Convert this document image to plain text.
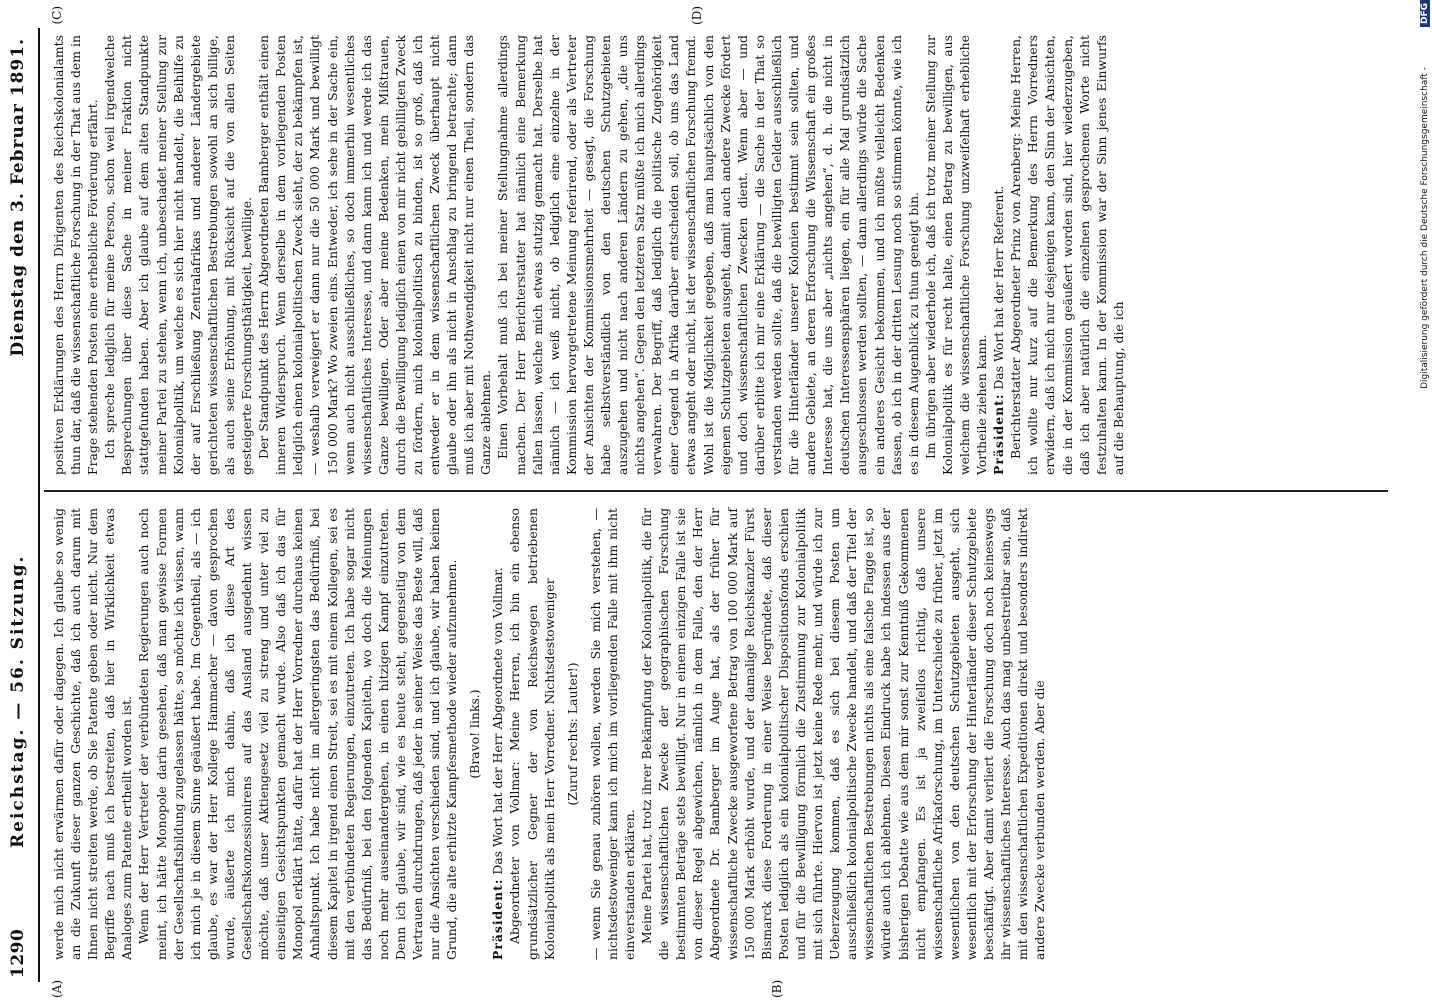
1290
Reichstag. — 56. Sitzung.
Dienstag den 3. Februar 1891.
(A)	(B)
(C)	(D)

werde mich nicht erwärmen dafür oder dagegen. Ich glaube so wenig an die Zukunft dieser ganzen Geschichte, daß ich auch darum mit Ihnen nicht streiten werde, ob Sie Patente geben oder nicht. Nur dem Begriffe nach muß ich bestreiten, daß hier in Wirklichkeit etwas Analoges zum Patente ertheilt worden ist. Wenn der Herr Vertreter der verbündeten Regierungen auch noch meint, ich hätte Monopole darin gesehen, daß man gewisse Formen der Gesellschaftsbildung zugelassen hätte, so möchte ich wissen, wann ich mich je in diesem Sinne geäußert habe. Im Gegentheil, als — ich glaube, es war der Herr Kollege Hammacher — davon gesprochen wurde, äußerte ich mich dahin, daß ich diese Art des Gesellschaftskonzessionirens auf das Ausland ausgedehnt wissen möchte, daß unser Aktiengesetz viel zu streng und unter viel zu einseitigen Gesichtspunkten gemacht wurde. Also daß ich das für Monopol erklärt hätte, dafür hat der Herr Vorredner durchaus keinen Anhaltspunkt. Ich habe nicht im allergeringsten das Bedürfniß, bei diesem Kapitel in irgend einen Streit, sei es mit einem Kollegen, sei es mit den verbündeten Regierungen, einzutreten. Ich habe sogar nicht das Bedürfniß, bei den folgenden Kapiteln, wo doch die Meinungen noch mehr auseinandergehen, in einen hitzigen Kampf einzutreten. Denn ich glaube, wir sind, wie es heute steht, gegenseitig von dem Vertrauen durchdrungen, daß jeder in seiner Weise das Beste will, daß nur die Ansichten verschieden sind, und ich glaube, wir haben keinen Grund, die alte erhitzte Kampfesmethode wieder aufzunehmen. (Bravo! links.)

Präsident: Das Wort hat der Herr Abgeordnete von Vollmar. Abgeordneter von Vollmar: Meine Herren, ich bin ein ebenso grundsätzlicher Gegner der von Reichswegen betriebenen Kolonialpolitik als mein Herr Vorredner. Nichtsdestoweniger (Zuruf rechts: Lauter!) — wenn Sie genau zuhören wollen, werden Sie mich verstehen, — nichtsdestoweniger kann ich mich im vorliegenden Falle mit ihm nicht einverstanden erklären. Meine Partei hat, trotz ihrer Bekämpfung der Kolonialpolitik, die für die wissenschaftlichen Zwecke der geographischen Forschung bestimmten Beträge stets bewilligt. Nur in einem einzigen Falle ist sie von dieser Regel abgewichen, nämlich in dem Falle, den der Herr Abgeordnete Dr. Bamberger im Auge hat, als der früher für wissenschaftliche Zwecke ausgeworfene Betrag von 100 000 Mark auf 150 000 Mark erhöht wurde, und der damalige Reichskanzler Fürst Bismarck diese Forderung in einer Weise begründete, daß dieser Posten lediglich als ein kolonialpolitischer Dispositionsfonds erschien und für die Bewilligung förmlich die Zustimmung zur Kolonialpolitik mit sich führte. Hiervon ist jetzt keine Rede mehr, und würde ich zur Ueberzeugung kommen, daß es sich bei diesem Posten um ausschließlich kolonialpolitische Zwecke handelt, und daß der Titel der wissenschaftlichen Bestrebungen nichts als eine falsche Flagge ist, so würde auch ich ablehnen. Diesen Eindruck habe ich indessen aus der bisherigen Debatte wie aus dem mir sonst zur Kenntniß Gekommenen nicht empfangen. Es ist ja zweifellos richtig, daß unsere wissenschaftliche Afrikaforschung, im Unterschiede zu früher, jetzt im wesentlichen von den deutschen Schutzgebieten ausgeht, sich wesentlich mit der Erforschung der Hinterländer dieser Schutzgebiete beschäftigt. Aber damit verliert die Forschung doch noch keineswegs ihr wissenschaftliches Interesse. Auch das mag unbestreitbar sein, daß mit den wissenschaftlichen Expeditionen direkt und besonders indirekt andere Zwecke verbunden werden. Aber die

positiven Erklärungen des Herrn Dirigenten des Reichskolonialamts thun dar, daß die wissenschaftliche Forschung in der That aus dem in Frage stehenden Posten eine erhebliche Förderung erfährt. Ich spreche lediglich für meine Person, schon weil irgendwelche Besprechungen über diese Sache in meiner Fraktion nicht stattgefunden haben. Aber ich glaube auf dem alten Standpunkte meiner Partei zu stehen, wenn ich, unbeschadet meiner Stellung zur Kolonialpolitik, um welche es sich hier nicht handelt, die Beihilfe zu der auf Erschließung Zentralafrikas und anderer Ländergebiete gerichteten wissenschaftlichen Bestrebungen sowohl an sich billige, als auch seine Erhöhung, mit Rücksicht auf die von allen Seiten gesteigerte Forschungsthätigkeit, bewillige. Der Standpunkt des Herrn Abgeordneten Bamberger enthält einen inneren Widerspruch. Wenn derselbe in dem vorliegenden Posten lediglich einen kolonialpolitischen Zweck sieht, der zu bekämpfen ist, — weshalb verweigert er dann nur die 50 000 Mark und bewilligt 150 000 Mark? Wo zweien eins. Entweder, ich sehe in der Sache ein, wenn auch nicht ausschließliches, so doch immerhin wesentliches wissenschaftliches Interesse, und dann kann ich und werde ich das Ganze bewilligen. Oder aber meine Bedenken, mein Mißtrauen, durch die Bewilligung lediglich einen von mir nicht gebilligten Zweck zu fördern, mich kolonialpolitisch zu binden, ist so groß, daß ich entweder er in dem wissenschaftlichen Zweck überhaupt nicht glaube oder ihn als nicht in Anschlag zu bringend betrachte; dann muß ich aber mit Nothwendigkeit nicht nur einen Theil, sondern das Ganze ablehnen. Einen Vorbehalt muß ich bei meiner Stellungnahme allerdings machen. Der Herr Berichterstatter hat nämlich eine Bemerkung fallen lassen, welche mich etwas stutzig gemacht hat. Derselbe hat nämlich — ich weiß nicht, ob lediglich eine einzelne in der Kommission hervorgetretene Meinung referirend, oder als Vertreter der Ansichten der Kommissionsmehrheit — gesagt, die Forschung habe selbstverständlich von den deutschen Schutzgebieten auszugehen und nicht nach anderen Ländern zu gehen, „die uns nichts angehen“. Gegen den letzteren Satz müßte ich mich allerdings verwahren. Der Begriff, daß lediglich die politische Zugehörigkeit einer Gegend in Afrika darüber entscheiden soll, ob uns das Land etwas angeht oder nicht, ist der wissenschaftlichen Forschung fremd. Wohl ist die Möglichkeit gegeben, daß man hauptsächlich von den eigenen Schutzgebieten ausgeht, damit auch andere Zwecke fördert und doch wissenschaftlichen Zwecken dient. Wenn aber — und darüber erbitte ich mir eine Erklärung — die Sache in der That so verstanden werden sollte, daß die bewilligten Gelder ausschließlich für die Hinterländer unserer Kolonien bestimmt sein sollten, und andere Gebiete, an deren Erforschung die Wissenschaft ein großes Interesse hat, die uns aber „nichts angehen“, d. h. die nicht in deutschen Interessensphären liegen, ein für alle Mal grundsätzlich ausgeschlossen werden sollten, — dann allerdings würde die Sache ein anderes Gesicht bekommen, und ich müßte vielleicht Bedenken fassen, ob ich in der dritten Lesung noch so stimmen könnte, wie ich es in diesem Augenblick zu thun geneigt bin. Im übrigen aber wiederhole ich, daß ich trotz meiner Stellung zur Kolonialpolitik es für recht halte, einen Betrag zu bewilligen, aus welchem die wissenschaftliche Forschung unzweifelhaft erhebliche Vortheile ziehen kann. Präsident: Das Wort hat der Herr Referent. Berichterstatter Abgeordneter Prinz von Arenberg: Meine Herren, ich wollte nur kurz auf die Bemerkung des Herrn Vorredners erwidern, daß ich mich nur desjenigen kann, den Sinn der Ansichten, die in der Kommission geäußert worden sind, hier wiederzugeben, daß ich aber natürlich die einzelnen gesprochenen Worte nicht festzuhalten kann. In der Kommission war der Sinn jenes Einwurfs auf die Behauptung, die ich	Digitalisierung gefördert durch die Deutsche Forschungsgemeinschaft -DFG
